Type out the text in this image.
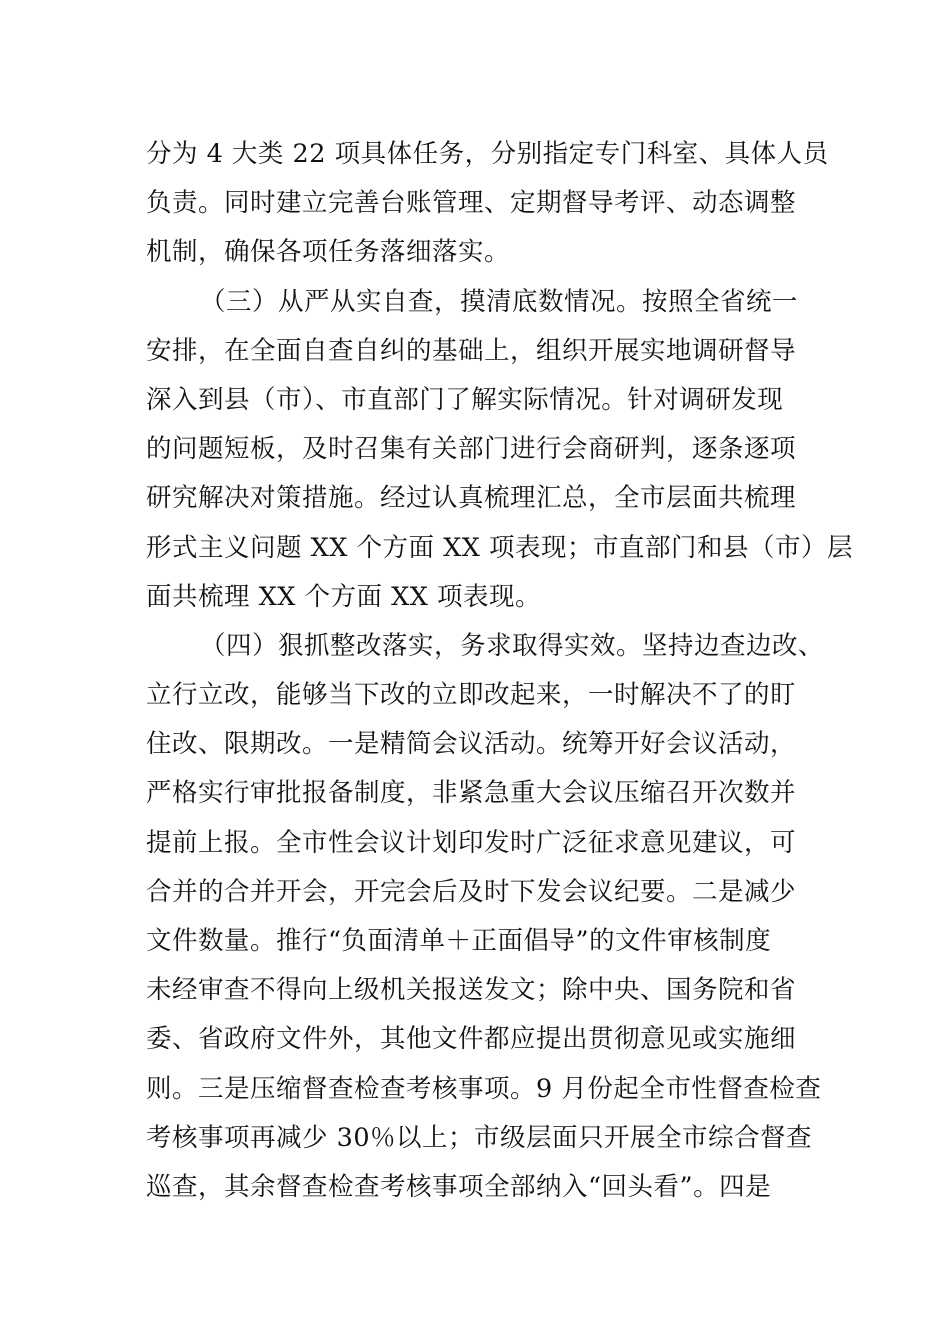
分为 4 大类 22 项具体任务，分别指定专门科室、具体人员
负责。同时建立完善台账管理、定期督导考评、动态调整
机制，确保各项任务落细落实。
（三）从严从实自查，摸清底数情况。按照全省统一
安排，在全面自查自纠的基础上，组织开展实地调研督导
深入到县（市）、市直部门了解实际情况。针对调研发现
的问题短板，及时召集有关部门进行会商研判，逐条逐项
研究解决对策措施。经过认真梳理汇总，全市层面共梳理
形式主义问题 XX 个方面 XX 项表现；市直部门和县（市）层
面共梳理 XX 个方面 XX 项表现。
（四）狠抓整改落实，务求取得实效。坚持边查边改、
立行立改，能够当下改的立即改起来，一时解决不了的盯
住改、限期改。一是精简会议活动。统筹开好会议活动，
严格实行审批报备制度，非紧急重大会议压缩召开次数并
提前上报。全市性会议计划印发时广泛征求意见建议，可
合并的合并开会，开完会后及时下发会议纪要。二是减少
文件数量。推行“负面清单＋正面倡导”的文件审核制度
未经审查不得向上级机关报送发文；除中央、国务院和省
委、省政府文件外，其他文件都应提出贯彻意见或实施细
则。三是压缩督查检查考核事项。9 月份起全市性督查检查
考核事项再减少 30％以上；市级层面只开展全市综合督查
巡查，其余督查检查考核事项全部纳入“回头看”。四是
